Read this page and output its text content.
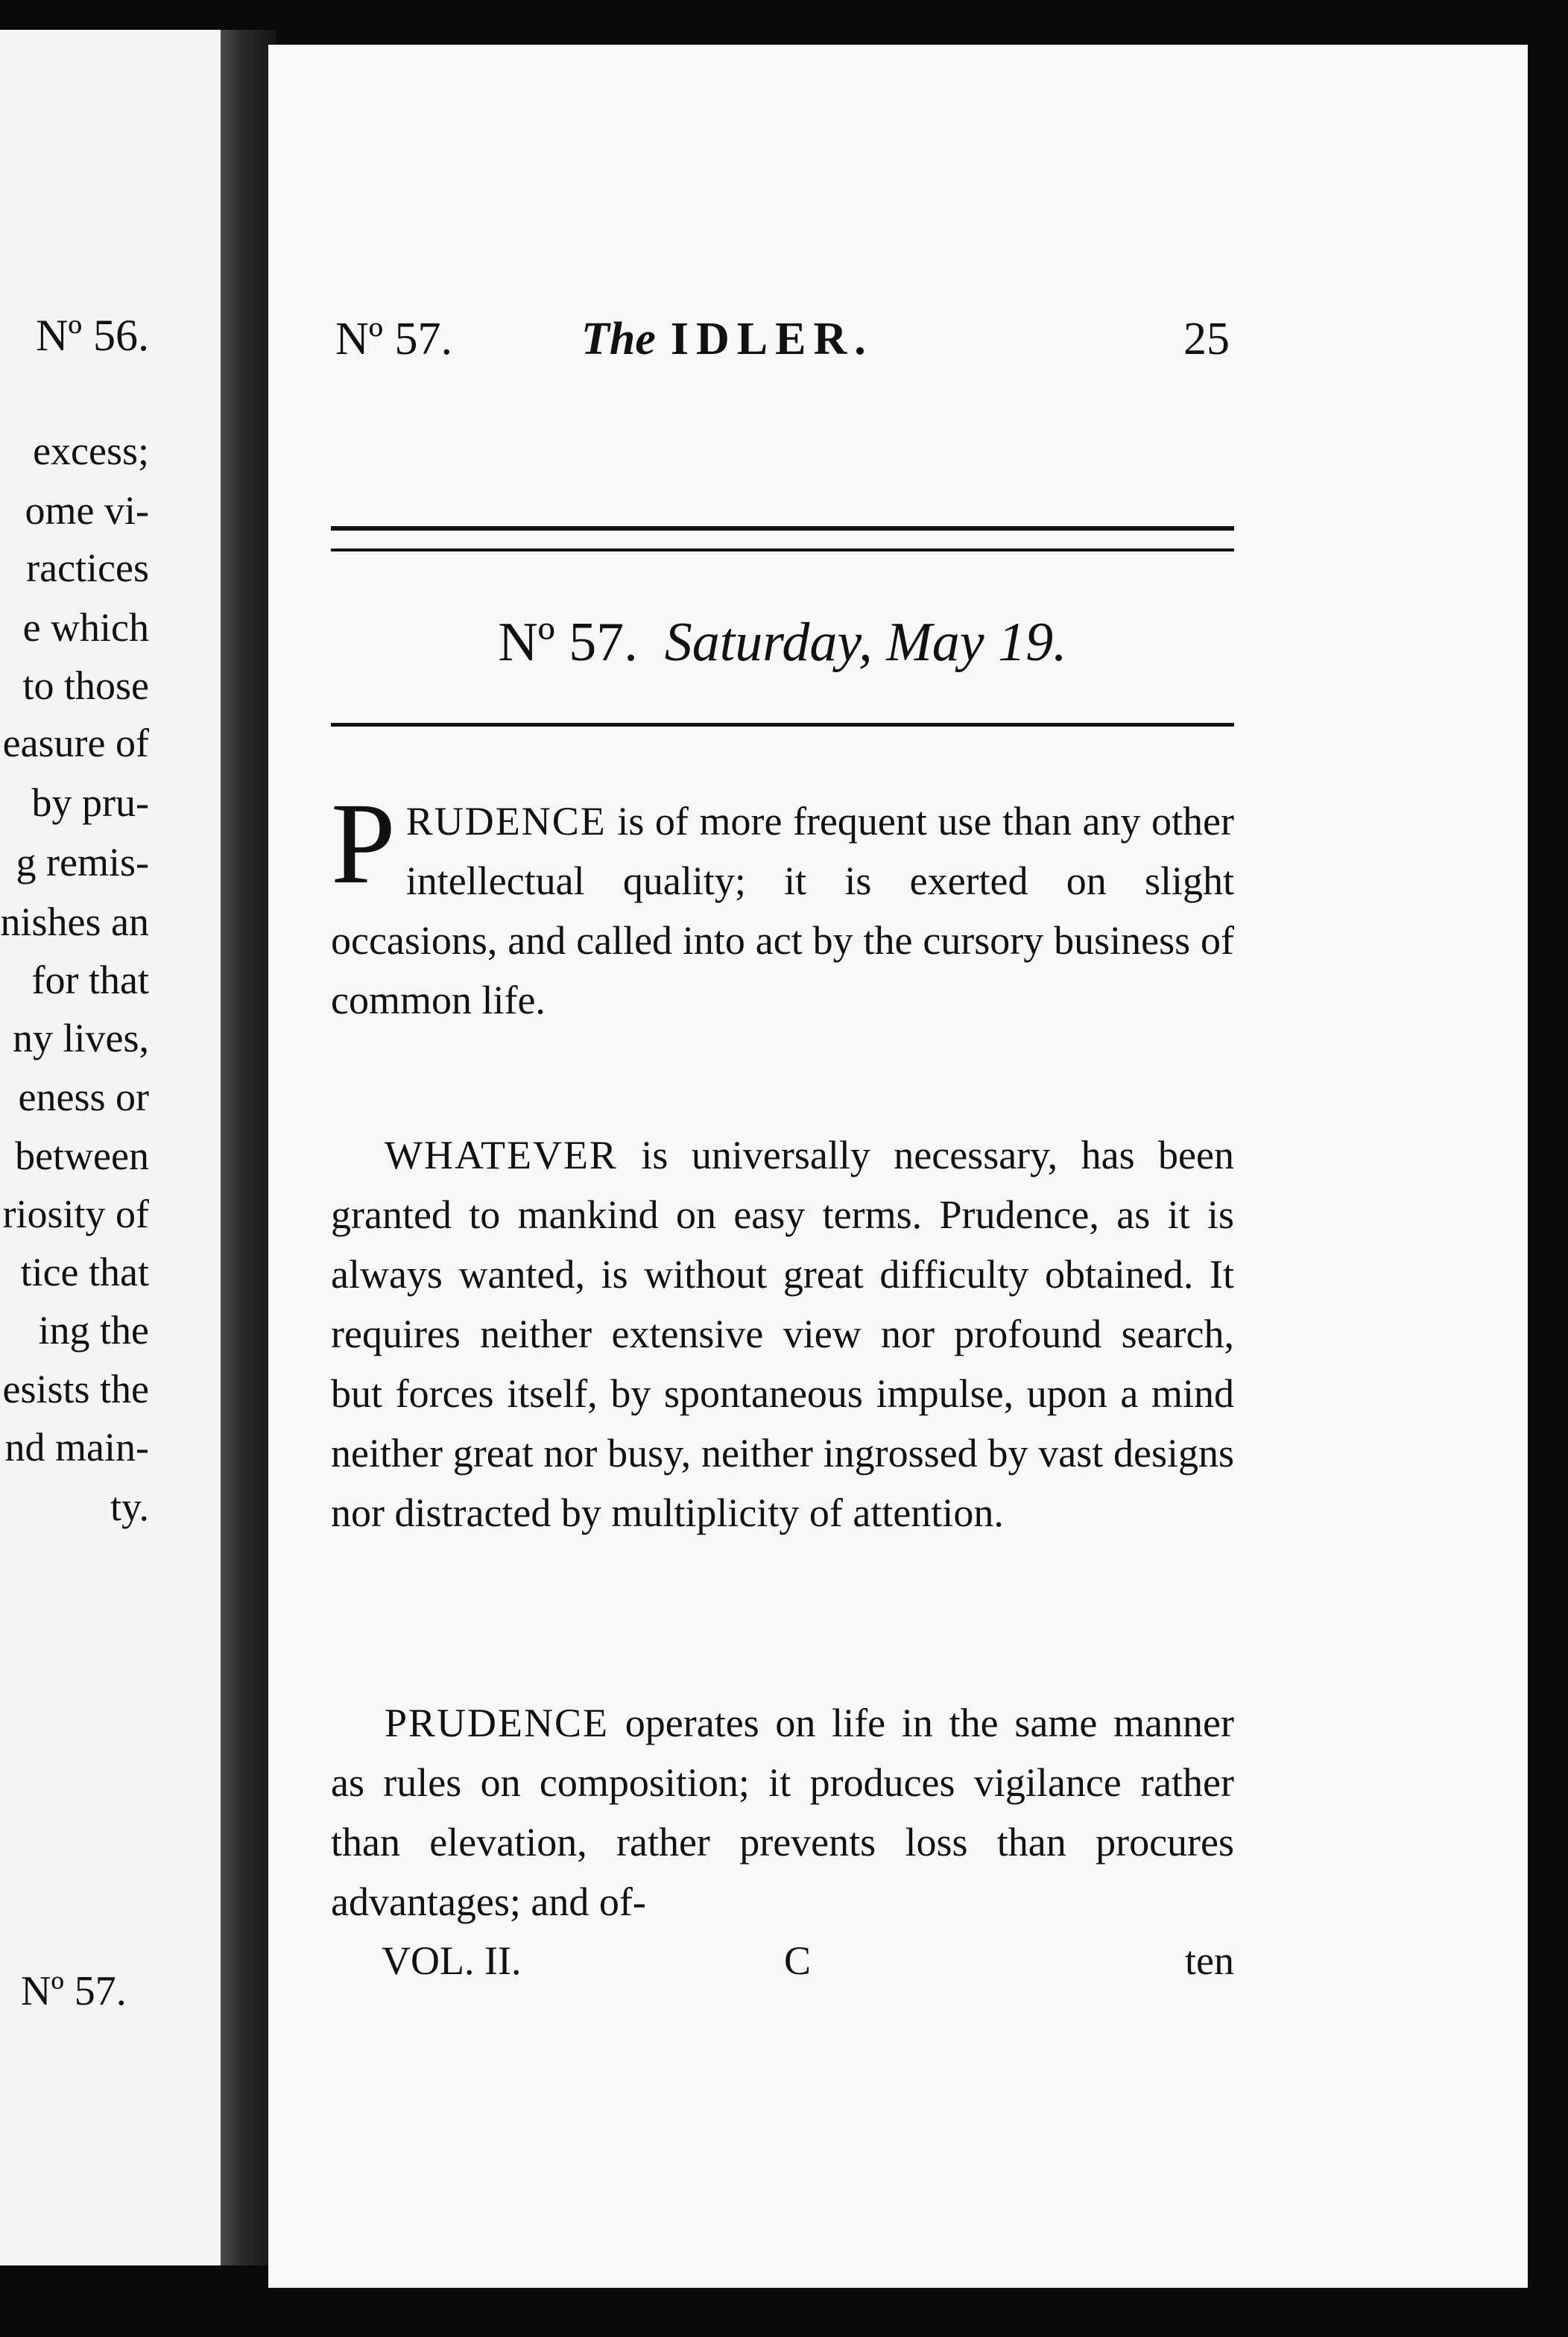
Nº 56.
excess;
ome vi-
ractices
e which
to those
easure of
by pru-
g remis-
nishes an
for that
ny lives,
eness or
between
riosity of
tice that
ing the
esists the
nd main-
ty.
Nº 57.
Nº 57.	The IDLER.	25
Nº 57. Saturday, May 19.
PRUDENCE is of more frequent use than any other intellectual quality; it is exerted on slight occasions, and called into act by the cursory business of common life.
WHATEVER is universally necessary, has been granted to mankind on easy terms. Prudence, as it is always wanted, is without great difficulty obtained. It requires neither extensive view nor profound search, but forces itself, by spontaneous impulse, upon a mind neither great nor busy, neither ingrossed by vast designs nor distracted by multiplicity of attention.
PRUDENCE operates on life in the same manner as rules on composition; it produces vigilance rather than elevation, rather prevents loss than procures advantages; and of-
VOL. II.	C	ten
